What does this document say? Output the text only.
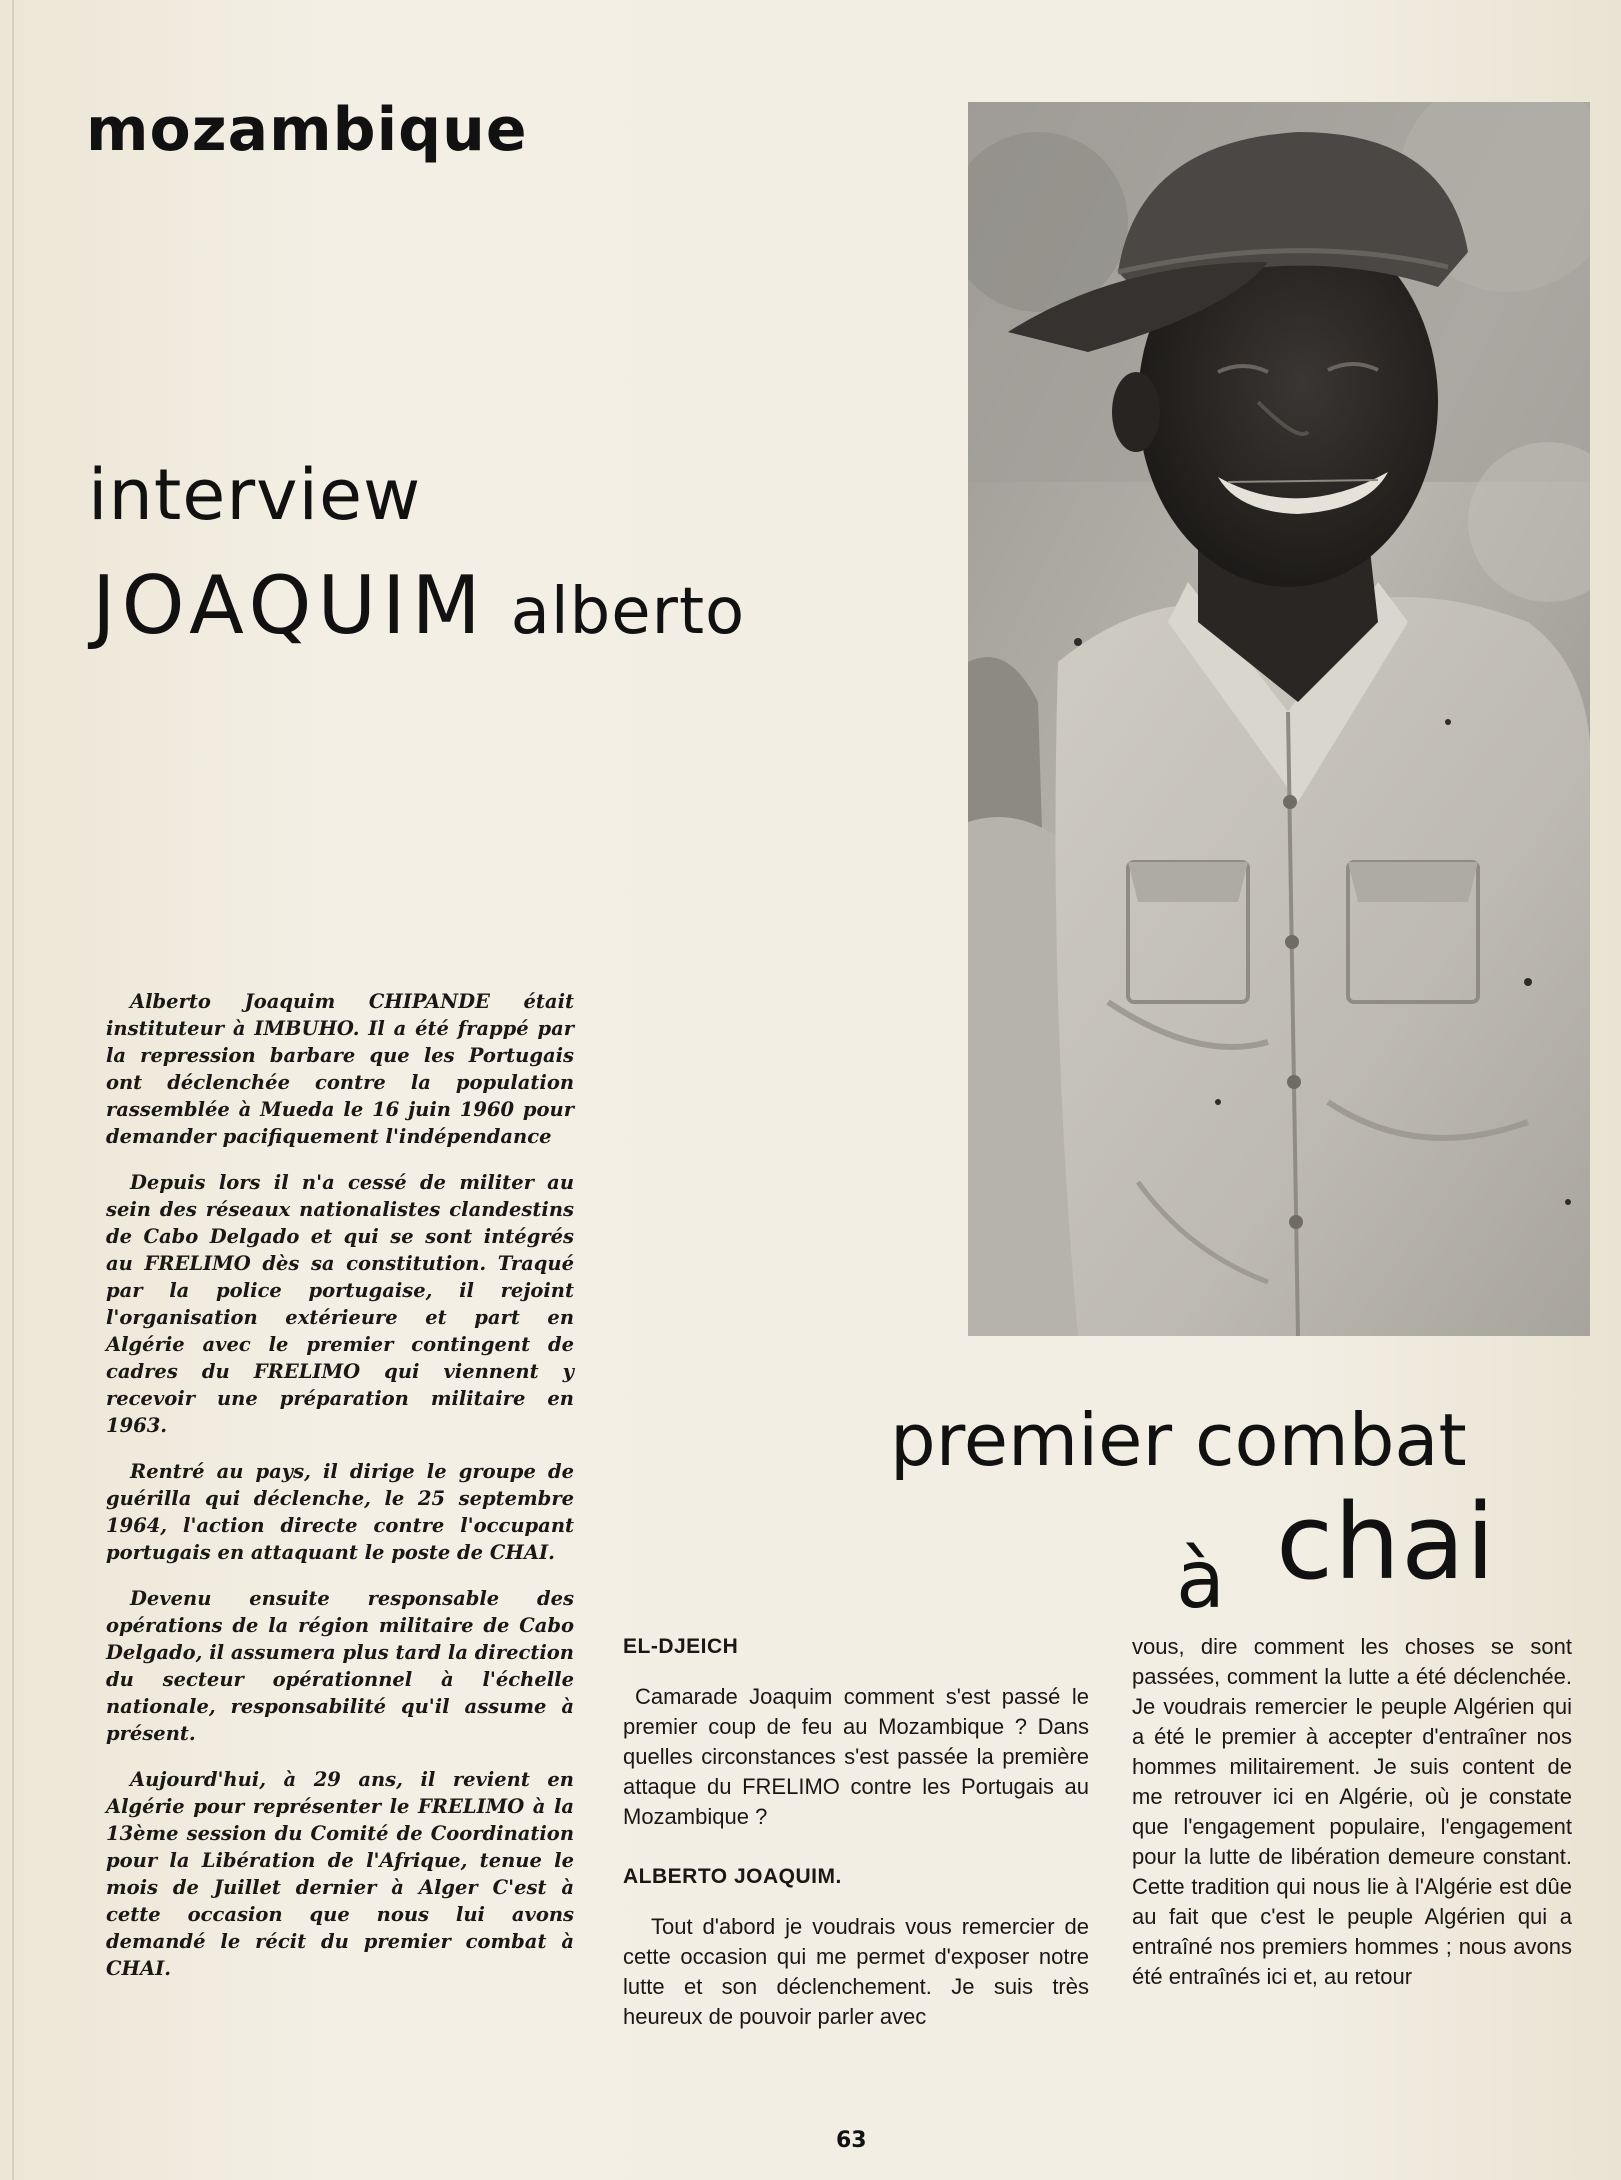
mozambique
interview
JOAQUIM alberto

Alberto Joaquim CHIPANDE était instituteur à IMBUHO. Il a été frappé par la repression barbare que les Portugais ont déclenchée contre la population rassemblée à Mueda le 16 juin 1960 pour demander pacifiquement l'indépendance

Depuis lors il n'a cessé de militer au sein des réseaux nationalistes clandestins de Cabo Delgado et qui se sont intégrés au FRELIMO dès sa constitution. Traqué par la police portugaise, il rejoint l'organisation extérieure et part en Algérie avec le premier contingent de cadres du FRELIMO qui viennent y recevoir une préparation militaire en 1963.

Rentré au pays, il dirige le groupe de guérilla qui déclenche, le 25 septembre 1964, l'action directe contre l'occupant portugais en attaquant le poste de CHAI.

Devenu ensuite responsable des opérations de la région militaire de Cabo Delgado, il assumera plus tard la direction du secteur opérationnel à l'échelle nationale, responsabilité qu'il assume à présent.

Aujourd'hui, à 29 ans, il revient en Algérie pour représenter le FRELIMO à la 13ème session du Comité de Coordination pour la Libération de l'Afrique, tenue le mois de Juillet dernier à Alger C'est à cette occasion que nous lui avons demandé le récit du premier combat à CHAI.

premier combat
à chai

EL-DJEICH

Camarade Joaquim comment s'est passé le premier coup de feu au Mozambique ? Dans quelles circonstances s'est passée la première attaque du FRELIMO contre les Portugais au Mozambique ?

ALBERTO JOAQUIM.

Tout d'abord je voudrais vous remercier de cette occasion qui me permet d'exposer notre lutte et son déclenchement. Je suis très heureux de pouvoir parler avec

vous, dire comment les choses se sont passées, comment la lutte a été déclenchée. Je voudrais remercier le peuple Algérien qui a été le premier à accepter d'entraîner nos hommes militairement. Je suis content de me retrouver ici en Algérie, où je constate que l'engagement populaire, l'engagement pour la lutte de libération demeure constant. Cette tradition qui nous lie à l'Algérie est dûe au fait que c'est le peuple Algérien qui a entraîné nos premiers hommes ; nous avons été entraînés ici et, au retour

63
